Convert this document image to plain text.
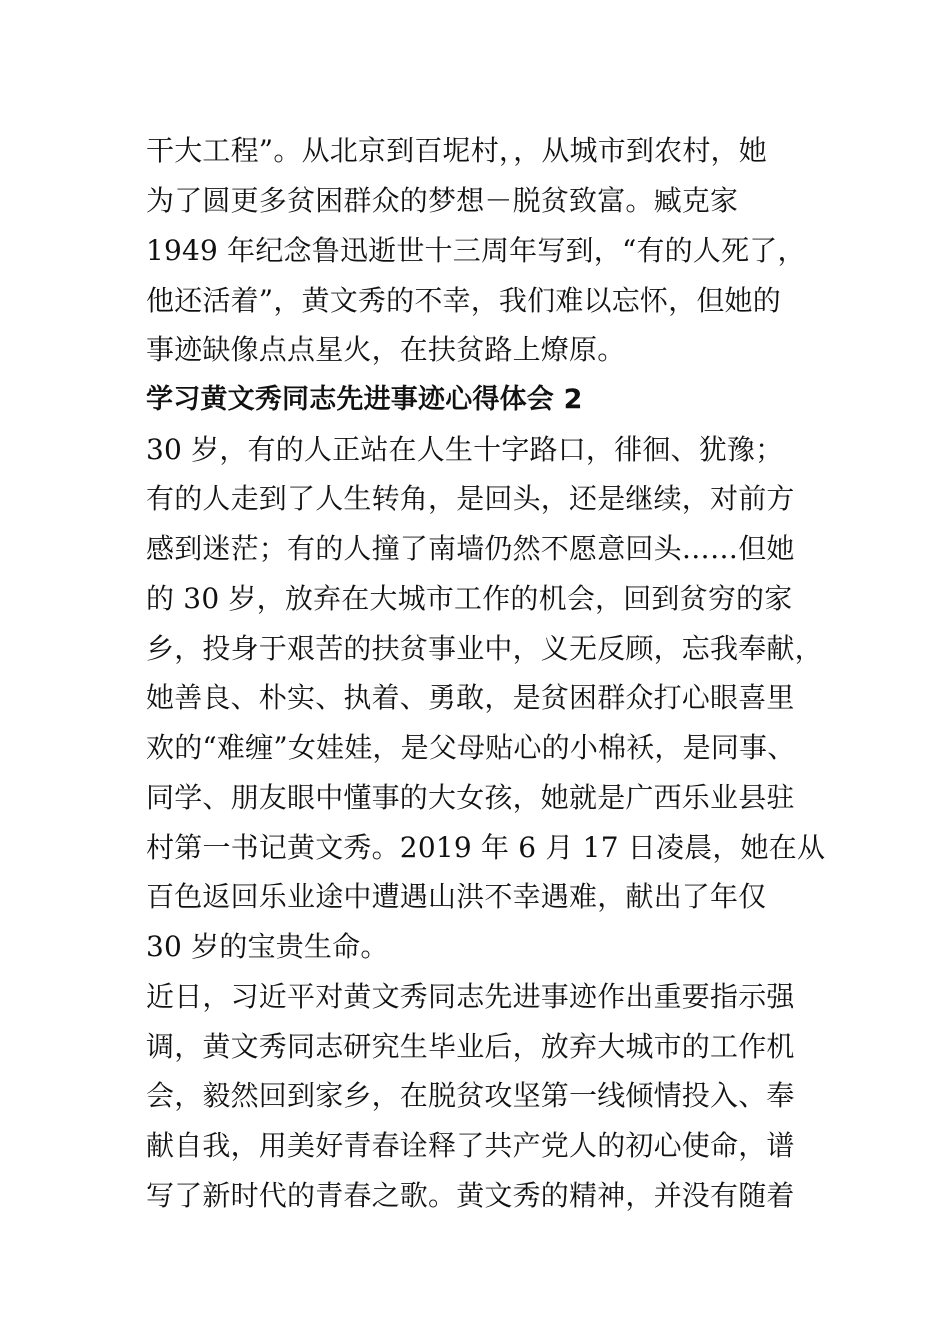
干大工程”。从北京到百坭村，，从城市到农村，她

为了圆更多贫困群众的梦想－脱贫致富。臧克家

1949 年纪念鲁迅逝世十三周年写到，“有的人死了，

他还活着”，黄文秀的不幸，我们难以忘怀，但她的

事迹缺像点点星火，在扶贫路上燎原。

学习黄文秀同志先进事迹心得体会 2

30 岁，有的人正站在人生十字路口，徘徊、犹豫；

有的人走到了人生转角，是回头，还是继续，对前方

感到迷茫；有的人撞了南墙仍然不愿意回头……但她

的 30 岁，放弃在大城市工作的机会，回到贫穷的家

乡，投身于艰苦的扶贫事业中，义无反顾，忘我奉献，

她善良、朴实、执着、勇敢，是贫困群众打心眼喜里

欢的“难缠”女娃娃，是父母贴心的小棉袄，是同事、

同学、朋友眼中懂事的大女孩，她就是广西乐业县驻

村第一书记黄文秀。2019 年 6 月 17 日凌晨，她在从

百色返回乐业途中遭遇山洪不幸遇难，献出了年仅

30 岁的宝贵生命。

近日，习近平对黄文秀同志先进事迹作出重要指示强

调，黄文秀同志研究生毕业后，放弃大城市的工作机

会，毅然回到家乡，在脱贫攻坚第一线倾情投入、奉

献自我，用美好青春诠释了共产党人的初心使命，谱

写了新时代的青春之歌。黄文秀的精神，并没有随着
